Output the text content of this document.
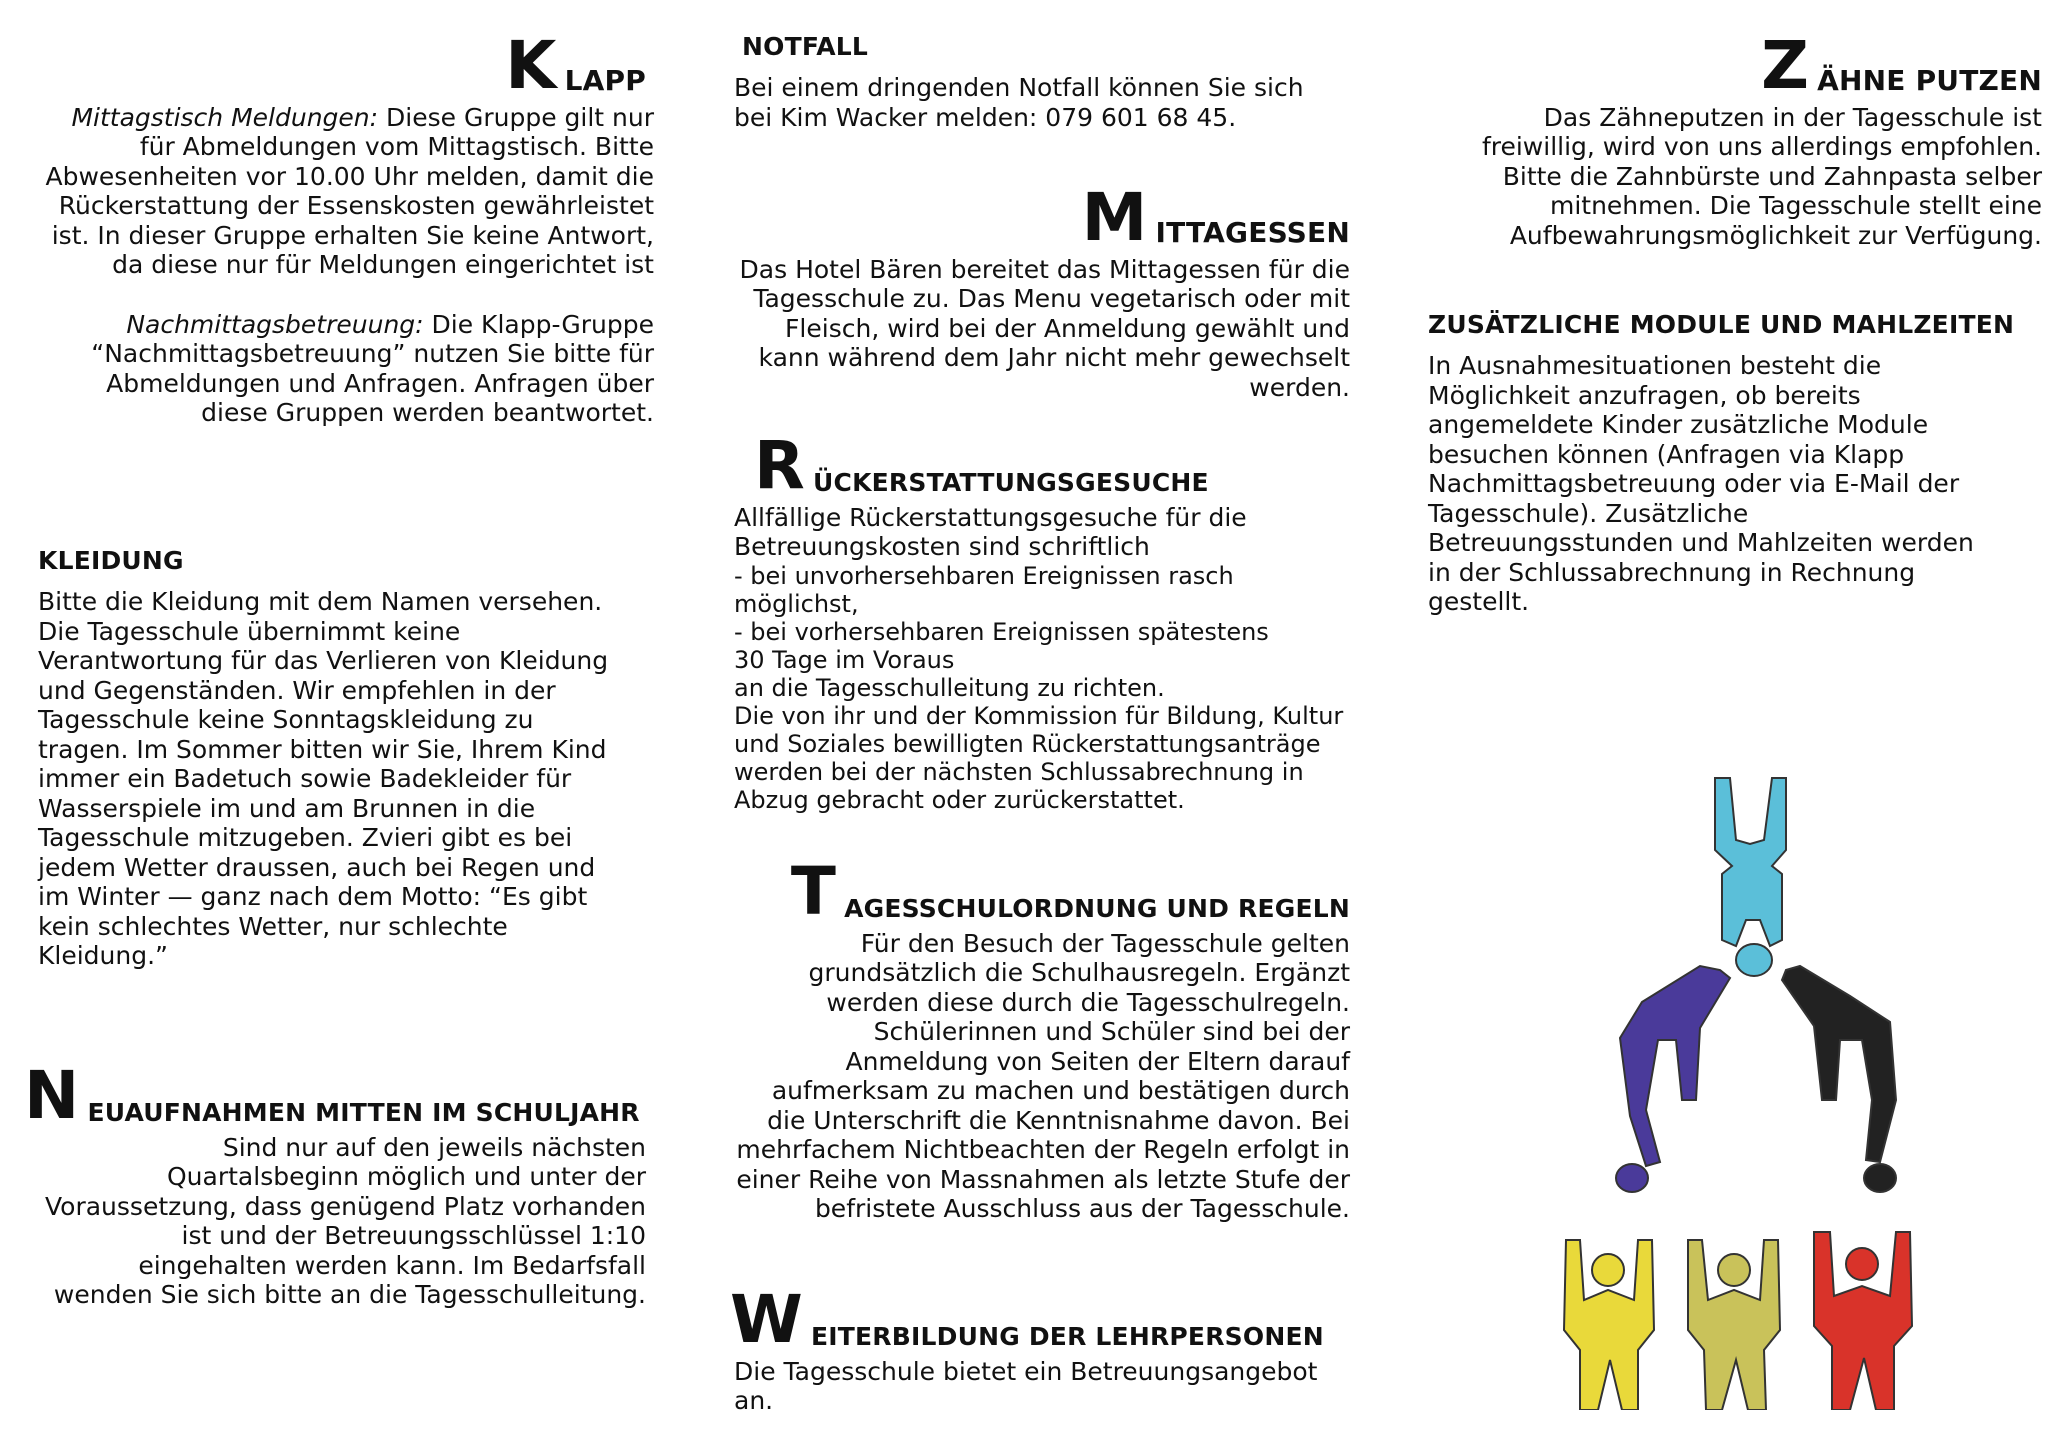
K LAPP

Mittagstisch Meldungen: Diese Gruppe gilt nur für Abmeldungen vom Mittagstisch. Bitte Abwesenheiten vor 10.00 Uhr melden, damit die Rückerstattung der Essenskosten gewährleistet ist. In dieser Gruppe erhalten Sie keine Antwort, da diese nur für Meldungen eingerichtet ist

Nachmittagsbetreuung: Die Klapp-Gruppe “Nachmittagsbetreuung” nutzen Sie bitte für Abmeldungen und Anfragen. Anfragen über diese Gruppen werden beantwortet.

KLEIDUNG

Bitte die Kleidung mit dem Namen versehen. Die Tagesschule übernimmt keine Verantwortung für das Verlieren von Kleidung und Gegenständen. Wir empfehlen in der Tagesschule keine Sonntagskleidung zu tragen. Im Sommer bitten wir Sie, Ihrem Kind immer ein Badetuch sowie Badekleider für Wasserspiele im und am Brunnen in die Tagesschule mitzugeben. Zvieri gibt es bei jedem Wetter draussen, auch bei Regen und im Winter — ganz nach dem Motto: “Es gibt kein schlechtes Wetter, nur schlechte Kleidung.”

N EUAUFNAHMEN MITTEN IM SCHULJAHR

Sind nur auf den jeweils nächsten Quartalsbeginn möglich und unter der Voraussetzung, dass genügend Platz vorhanden ist und der Betreuungsschlüssel 1:10 eingehalten werden kann. Im Bedarfsfall wenden Sie sich bitte an die Tagesschulleitung.

NOTFALL

Bei einem dringenden Notfall können Sie sich bei Kim Wacker melden: 079 601 68 45.

M ITTAGESSEN

Das Hotel Bären bereitet das Mittagessen für die Tagesschule zu. Das Menu vegetarisch oder mit Fleisch, wird bei der Anmeldung gewählt und kann während dem Jahr nicht mehr gewechselt werden.

R ÜCKERSTATTUNGSGESUCHE

Allfällige Rückerstattungsgesuche für die Betreuungskosten sind schriftlich

- bei unvorhersehbaren Ereignissen rasch möglichst,

- bei vorhersehbaren Ereignissen spätestens 30 Tage im Voraus

an die Tagesschulleitung zu richten.

Die von ihr und der Kommission für Bildung, Kultur und Soziales bewilligten Rückerstattungsanträge werden bei der nächsten Schlussabrechnung in Abzug gebracht oder zurückerstattet.

T AGESSCHULORDNUNG UND REGELN

Für den Besuch der Tagesschule gelten grundsätzlich die Schulhausregeln. Ergänzt werden diese durch die Tagesschulregeln. Schülerinnen und Schüler sind bei der Anmeldung von Seiten der Eltern darauf aufmerksam zu machen und bestätigen durch die Unterschrift die Kenntnisnahme davon. Bei mehrfachem Nichtbeachten der Regeln erfolgt in einer Reihe von Massnahmen als letzte Stufe der befristete Ausschluss aus der Tagesschule.

W EITERBILDUNG DER LEHRPERSONEN

Die Tagesschule bietet ein Betreuungsangebot an.

Z ÄHNE PUTZEN

Das Zähneputzen in der Tagesschule ist freiwillig, wird von uns allerdings empfohlen. Bitte die Zahnbürste und Zahnpasta selber mitnehmen. Die Tagesschule stellt eine Aufbewahrungsmöglichkeit zur Verfügung.

ZUSÄTZLICHE MODULE UND MAHLZEITEN

In Ausnahmesituationen besteht die Möglichkeit anzufragen, ob bereits angemeldete Kinder zusätzliche Module besuchen können (Anfragen via Klapp Nachmittagsbetreuung oder via E-Mail der Tagesschule). Zusätzliche Betreuungsstunden und Mahlzeiten werden in der Schlussabrechnung in Rechnung gestellt.
